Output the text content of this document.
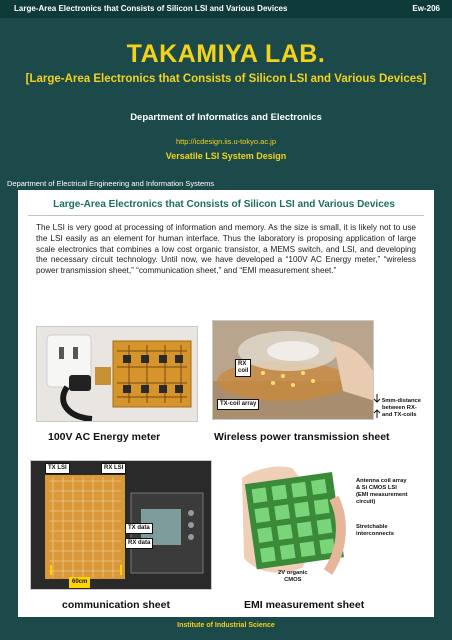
Large-Area Electronics that Consists of Silicon LSI and Various Devices	Ew-206
TAKAMIYA LAB.
[Large-Area Electronics that Consists of Silicon LSI and Various Devices]
Department of Informatics and Electronics
http://icdesign.iis.u-tokyo.ac.jp
Versatile LSI System Design
Department of Electrical Engineering and Information Systems
Large-Area Electronics that Consists of Silicon LSI and Various Devices
The LSI is very good at processing of information and memory. As the size is small, it is likely not to use the LSI easily as an element for human interface. Thus the laboratory is proposing application of large scale electronics that combines a low cost organic transistor, a MEMS switch, and LSI, and developing the necessary circuit technology. Until now, we have developed a “100V AC Energy meter,” “wireless power transmission sheet,” “communication sheet,” and “EMI measurement sheet.”
100V AC Energy meter
RX
coil
TX-coil array	5mm-distance
between RX-
and TX-coils
Wireless power transmission sheet
TX LSI	RX LSI
TX data
RX data
60cm
communication sheet
2V organic
CMOS
Antenna coil array
& Si CMOS LSI
(EMI measurement
circuit)
Stretchable
interconnects
EMI measurement sheet
Institute of Industrial Science
